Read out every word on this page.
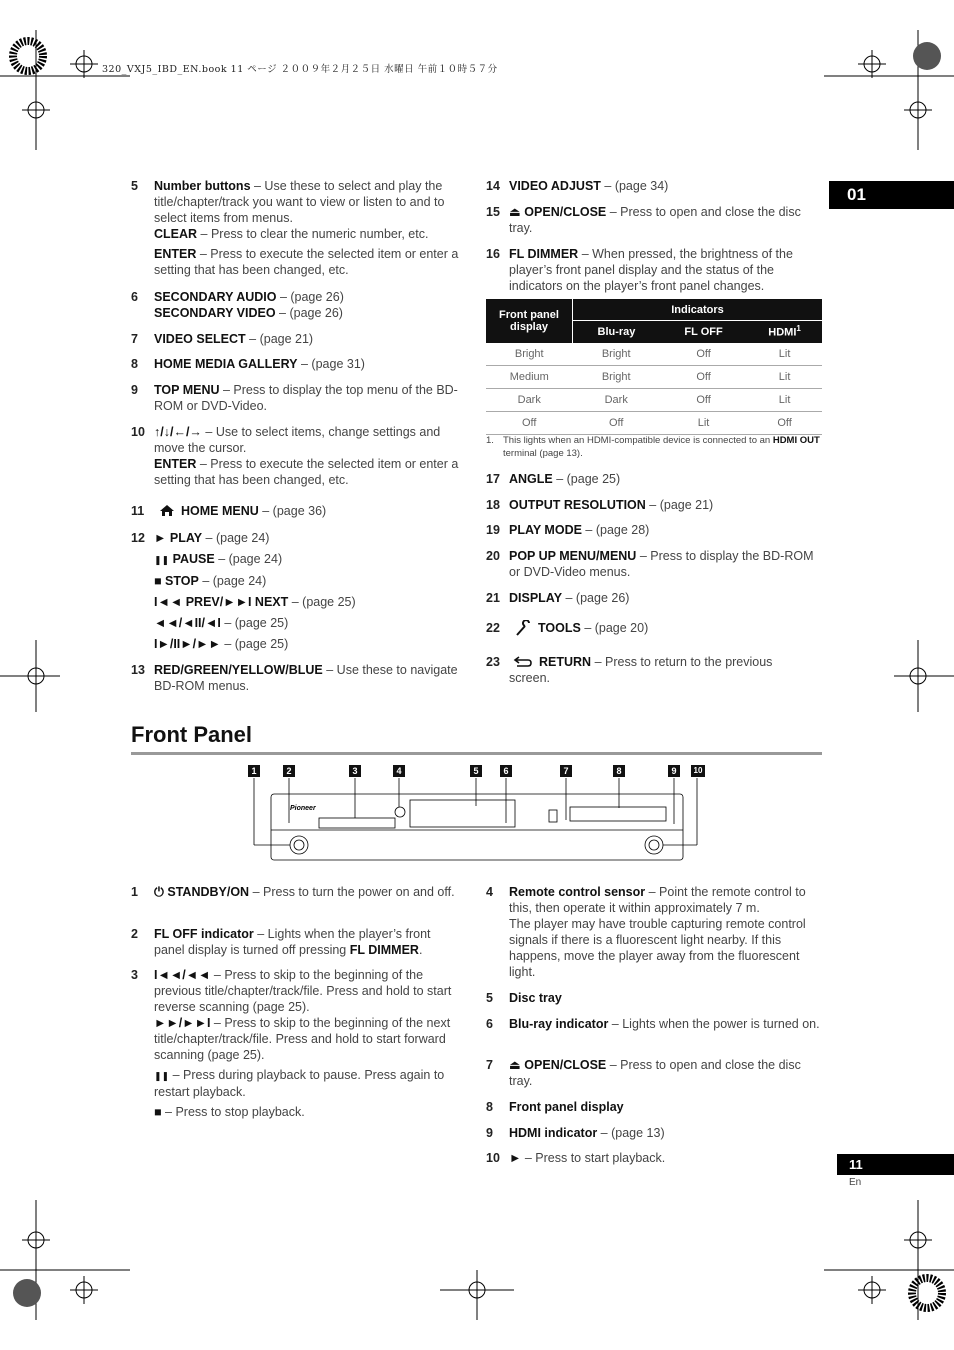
320_VXJ5_IBD_EN.book 11 ページ ２００９年２月２５日 水曜日 午前１０時５７分
01
5 Number buttons – Use these to select and play the title/chapter/track you want to view or listen to and to select items from menus.
CLEAR – Press to clear the numeric number, etc.
ENTER – Press to execute the selected item or enter a setting that has been changed, etc.
6 SECONDARY AUDIO – (page 26)
SECONDARY VIDEO – (page 26)
7 VIDEO SELECT – (page 21)
8 HOME MEDIA GALLERY – (page 31)
9 TOP MENU – Press to display the top menu of the BD-ROM or DVD-Video.
10 ↑/↓/←/→ – Use to select items, change settings and move the cursor.
ENTER – Press to execute the selected item or enter a setting that has been changed, etc.
11	HOME MENU – (page 36)
12 ► PLAY – (page 24)
❚❚ PAUSE – (page 24)
■ STOP – (page 24)
I◄◄ PREV/►►I NEXT – (page 25)
◄◄/◄II/◄I – (page 25)
I►/II►/►► – (page 25)
13 RED/GREEN/YELLOW/BLUE – Use these to navigate BD-ROM menus.
14 VIDEO ADJUST – (page 34)
15 ⏏ OPEN/CLOSE – Press to open and close the disc tray.
16 FL DIMMER – When pressed, the brightness of the player’s front panel display and the status of the indicators on the player’s front panel changes.
Front panel display	Indicators		
	Blu-ray	FL OFF	HDMI$^1$
Bright	Bright	Off	Lit
Medium	Bright	Off	Lit
Dark	Dark	Off	Lit
Off	Off	Lit	Off
1. This lights when an HDMI-compatible device is connected to an HDMI OUT terminal (page 13).
17 ANGLE – (page 25)
18 OUTPUT RESOLUTION – (page 21)
19 PLAY MODE – (page 28)
20 POP UP MENU/MENU – Press to display the BD-ROM or DVD-Video menus.
21 DISPLAY – (page 26)
22	TOOLS – (page 20)
23	RETURN – Press to return to the previous screen.
Front Panel
1	2	3	4	5	6	7	8	9	10
Pioneer
1 ⏻ STANDBY/ON – Press to turn the power on and off.
2 FL OFF indicator – Lights when the player’s front panel display is turned off pressing FL DIMMER.
3 I◄◄/◄◄ – Press to skip to the beginning of the previous title/chapter/track/file. Press and hold to start reverse scanning (page 25).
►►/►►I – Press to skip to the beginning of the next title/chapter/track/file. Press and hold to start forward scanning (page 25).
❚❚ – Press during playback to pause. Press again to restart playback.
■ – Press to stop playback.
4 Remote control sensor – Point the remote control to this, then operate it within approximately 7 m.
The player may have trouble capturing remote control signals if there is a fluorescent light nearby. If this happens, move the player away from the fluorescent light.
5 Disc tray
6 Blu-ray indicator – Lights when the power is turned on.
7 ⏏ OPEN/CLOSE – Press to open and close the disc tray.
8 Front panel display
9 HDMI indicator – (page 13)
10 ► – Press to start playback.	11
En
